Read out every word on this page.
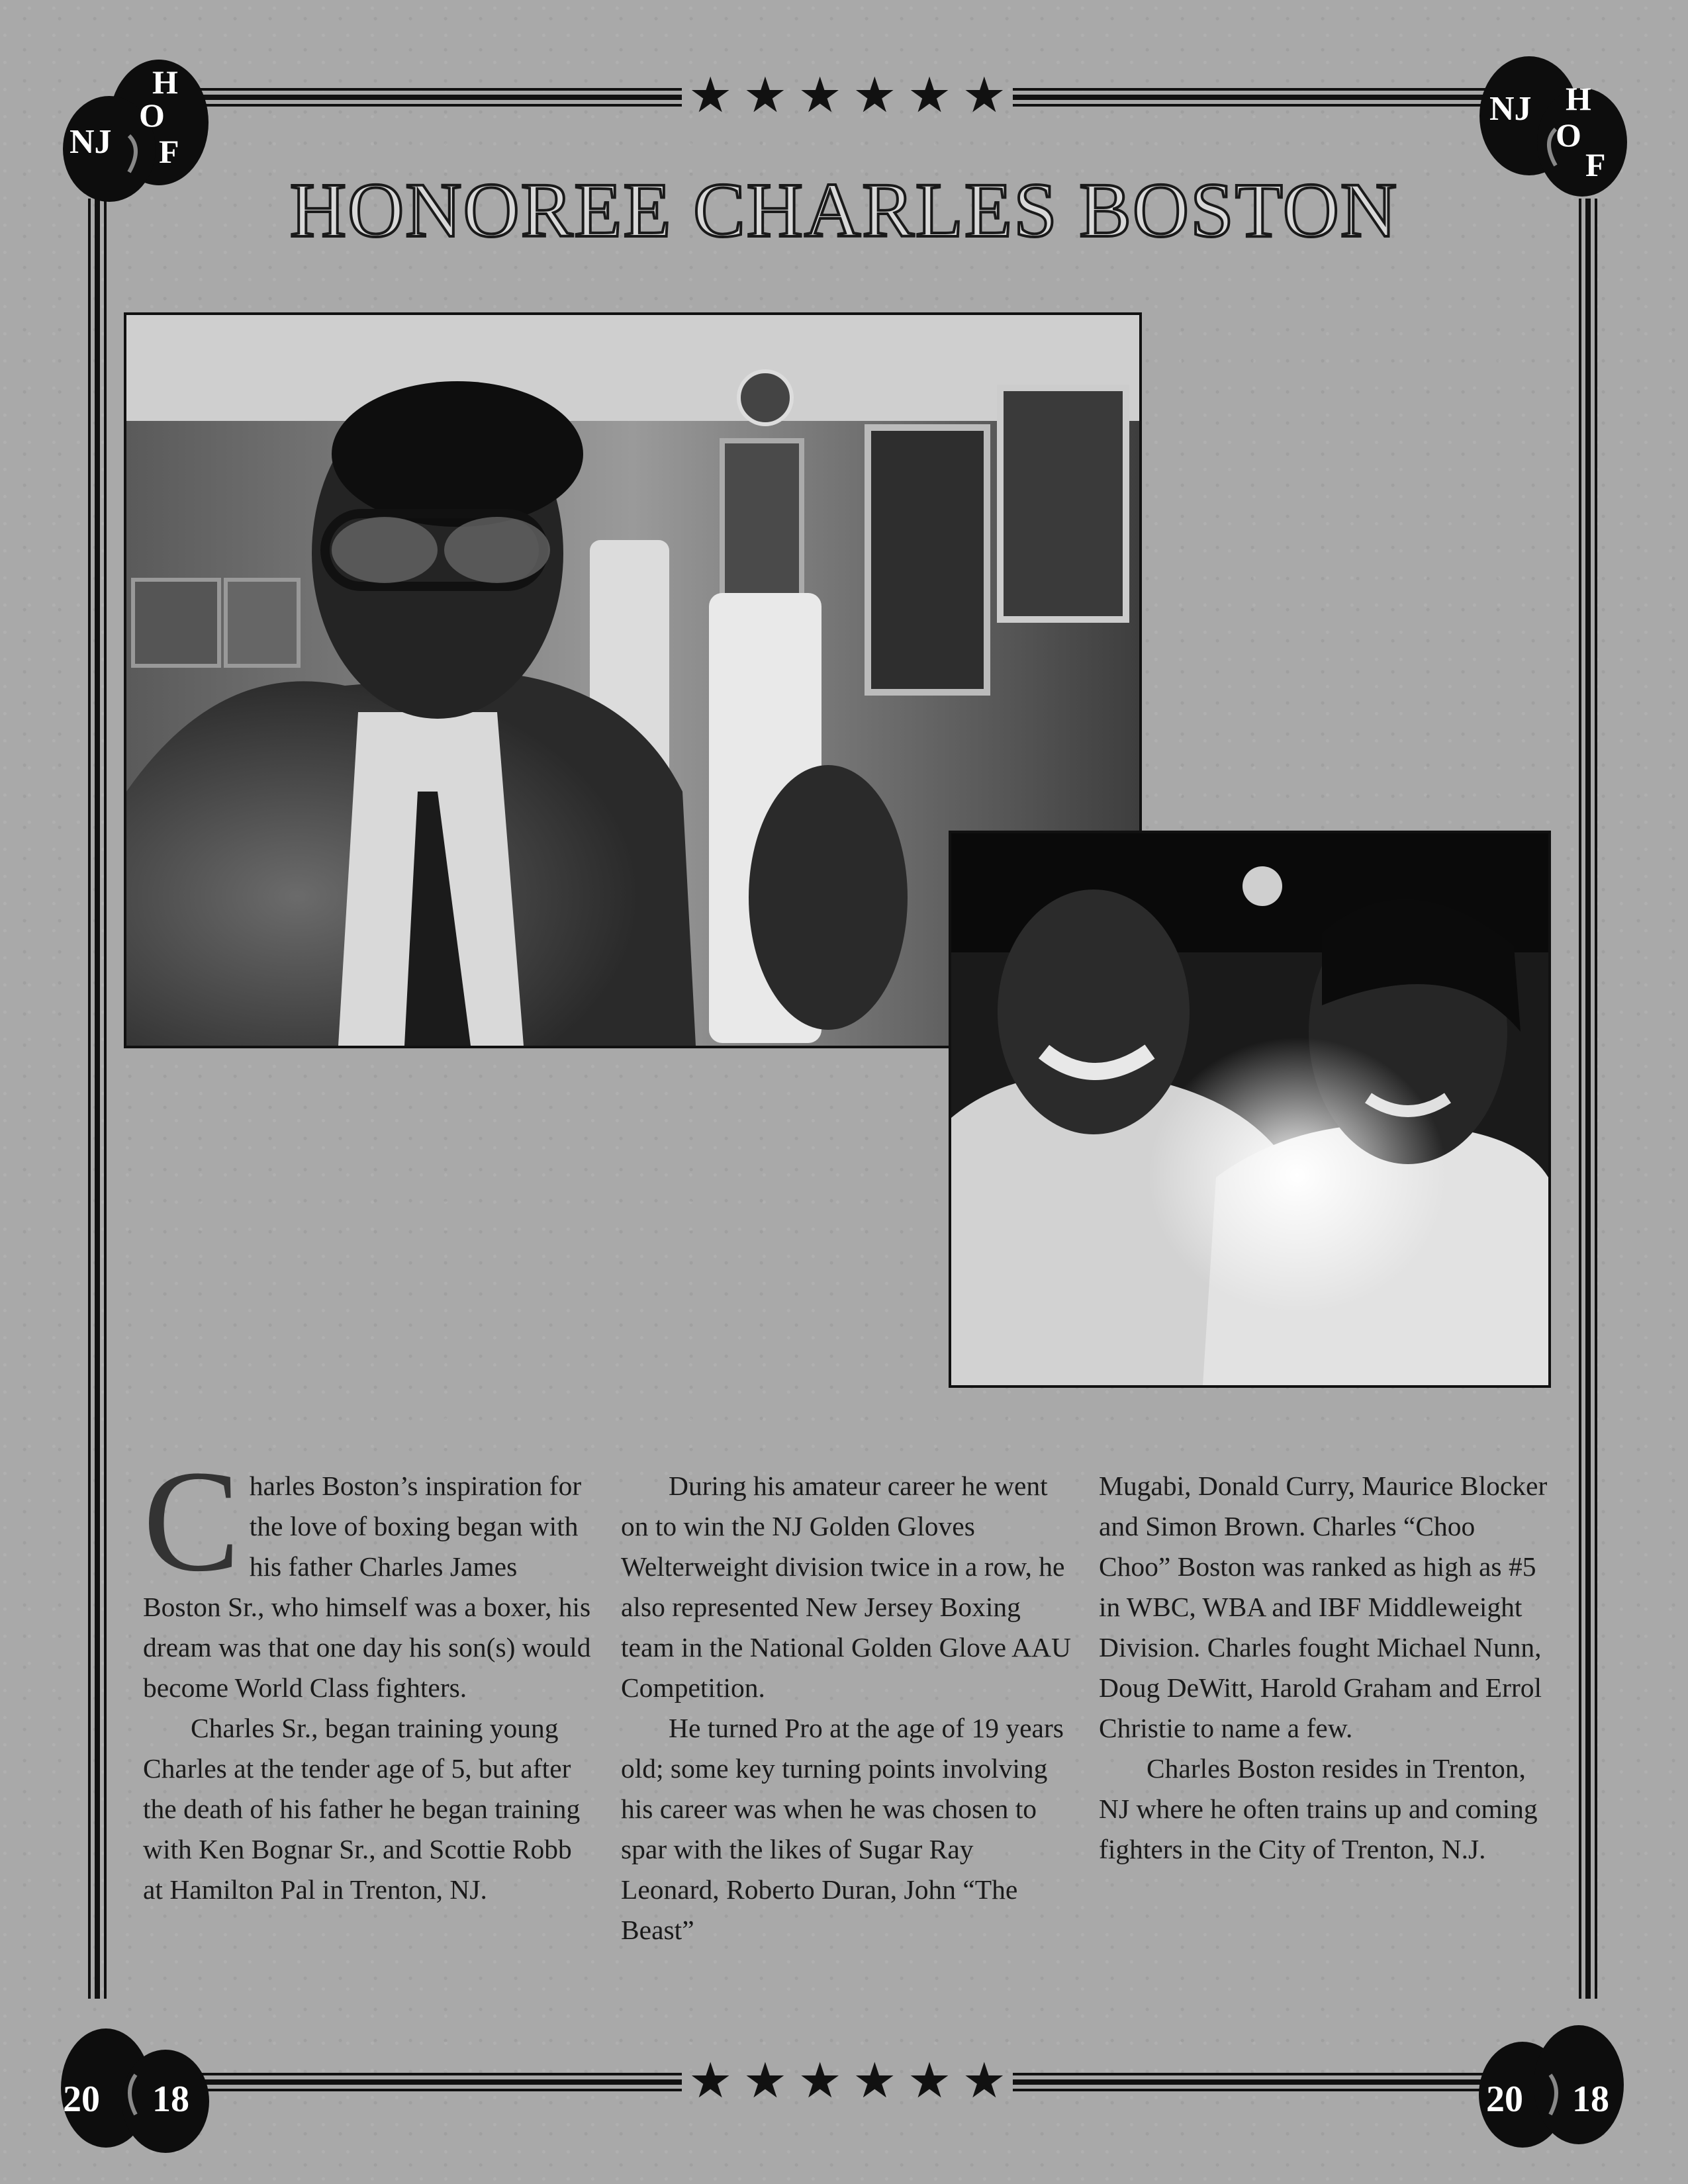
★ ★ ★ ★ ★ ★
★ ★ ★ ★ ★ ★
NJ
H
O
F
NJ H
O
F
20 18	20 18
HONOREE CHARLES BOSTON
C harles Boston’s inspiration for the love of boxing began with his father Charles James Boston Sr., who himself was a boxer, his dream was that one day his son(s) would become World Class fighters.

Charles Sr., began training young Charles at the tender age of 5, but after the death of his father he began training with Ken Bognar Sr., and Scottie Robb at Hamilton Pal in Trenton, NJ.

During his amateur career he went on to win the NJ Golden Gloves Welterweight division twice in a row, he also represented New Jersey Boxing team in the National Golden Glove AAU Competition.

He turned Pro at the age of 19 years old; some key turning points involving his career was when he was chosen to spar with the likes of Sugar Ray Leonard, Roberto Duran, John “The Beast”

Mugabi, Donald Curry, Maurice Blocker and Simon Brown. Charles “Choo Choo” Boston was ranked as high as #5 in WBC, WBA and IBF Middleweight Division. Charles fought Michael Nunn, Doug DeWitt, Harold Graham and Errol Christie to name a few.

Charles Boston resides in Trenton, NJ where he often trains up and coming fighters in the City of Trenton, N.J.
